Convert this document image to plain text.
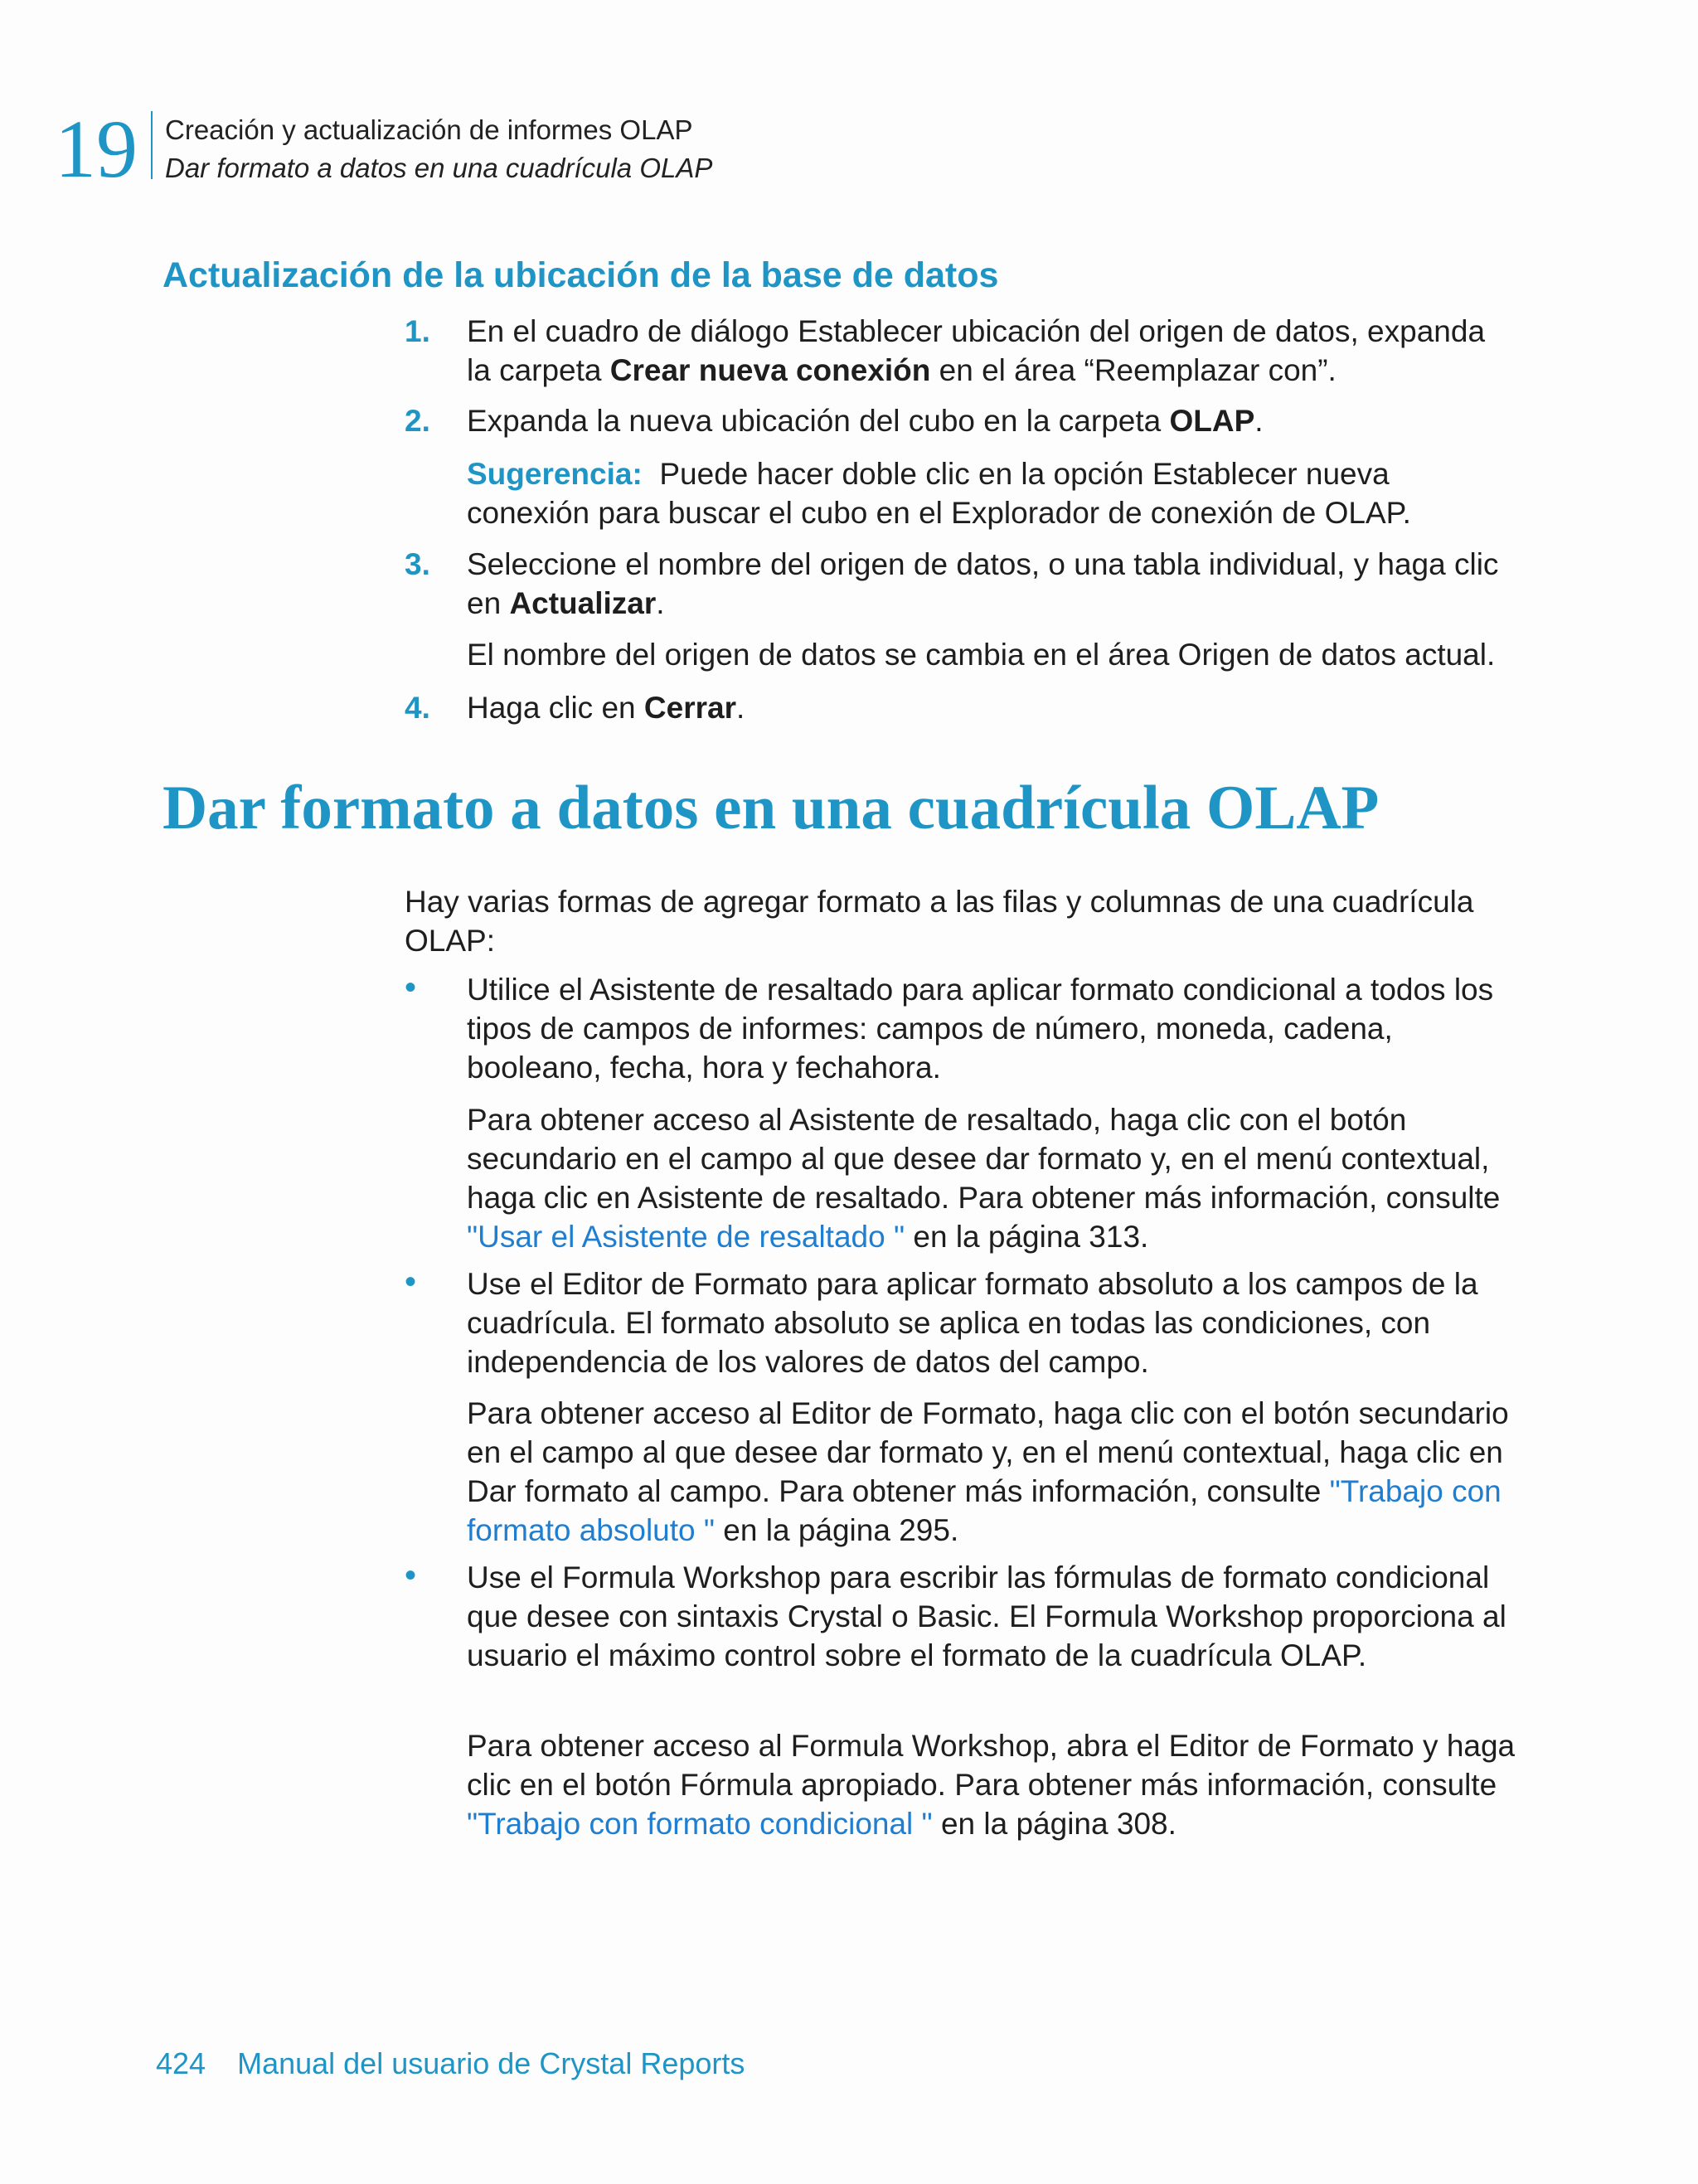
19 Creación y actualización de informes OLAP
Dar formato a datos en una cuadrícula OLAP
Actualización de la ubicación de la base de datos
1. En el cuadro de diálogo Establecer ubicación del origen de datos, expanda la carpeta Crear nueva conexión en el área “Reemplazar con”.
2. Expanda la nueva ubicación del cubo en la carpeta OLAP.
Sugerencia: Puede hacer doble clic en la opción Establecer nueva conexión para buscar el cubo en el Explorador de conexión de OLAP.
3. Seleccione el nombre del origen de datos, o una tabla individual, y haga clic en Actualizar.
El nombre del origen de datos se cambia en el área Origen de datos actual.
4. Haga clic en Cerrar.
Dar formato a datos en una cuadrícula OLAP
Hay varias formas de agregar formato a las filas y columnas de una cuadrícula OLAP:
• Utilice el Asistente de resaltado para aplicar formato condicional a todos los tipos de campos de informes: campos de número, moneda, cadena, booleano, fecha, hora y fechahora.
Para obtener acceso al Asistente de resaltado, haga clic con el botón secundario en el campo al que desee dar formato y, en el menú contextual, haga clic en Asistente de resaltado. Para obtener más información, consulte "Usar el Asistente de resaltado " en la página 313.
• Use el Editor de Formato para aplicar formato absoluto a los campos de la cuadrícula. El formato absoluto se aplica en todas las condiciones, con independencia de los valores de datos del campo.
Para obtener acceso al Editor de Formato, haga clic con el botón secundario en el campo al que desee dar formato y, en el menú contextual, haga clic en Dar formato al campo. Para obtener más información, consulte "Trabajo con formato absoluto " en la página 295.
• Use el Formula Workshop para escribir las fórmulas de formato condicional que desee con sintaxis Crystal o Basic. El Formula Workshop proporciona al usuario el máximo control sobre el formato de la cuadrícula OLAP.
Para obtener acceso al Formula Workshop, abra el Editor de Formato y haga clic en el botón Fórmula apropiado. Para obtener más información, consulte "Trabajo con formato condicional " en la página 308.
424 Manual del usuario de Crystal Reports
